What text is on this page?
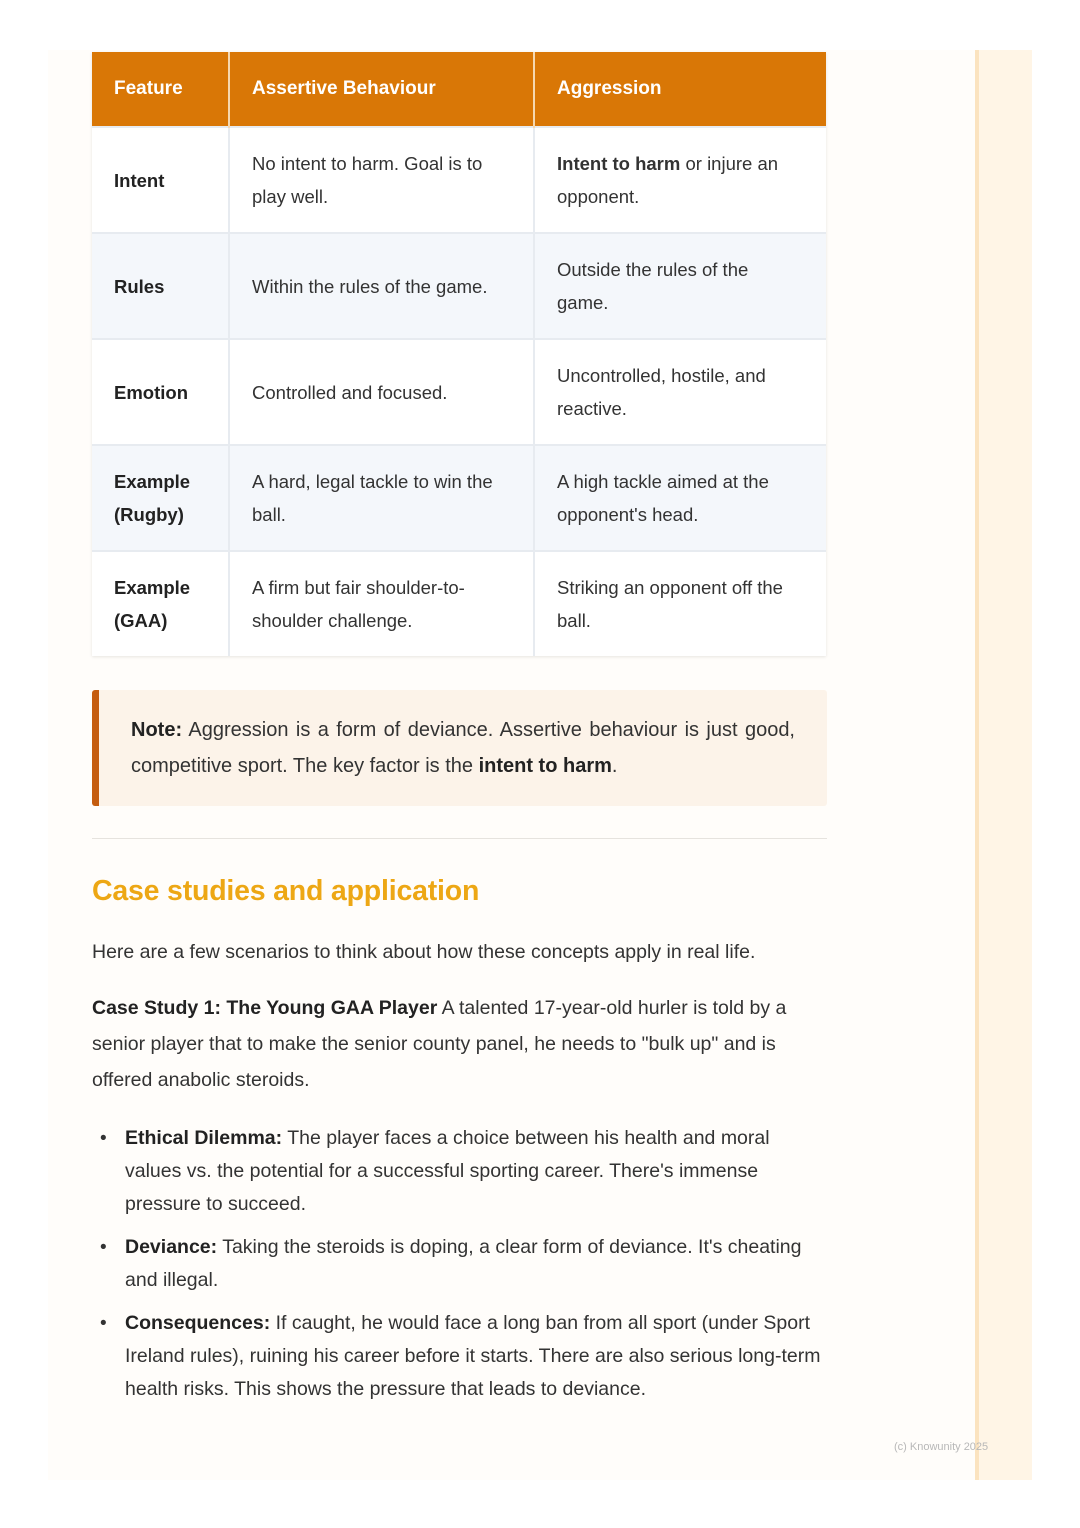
Feature	Assertive Behaviour	Aggression
Intent	No intent to harm. Goal is to play well.	Intent to harm or injure an opponent.
Rules	Within the rules of the game.	Outside the rules of the game.
Emotion	Controlled and focused.	Uncontrolled, hostile, and reactive.
Example (Rugby)	A hard, legal tackle to win the ball.	A high tackle aimed at the opponent's head.
Example (GAA)	A firm but fair shoulder-to-shoulder challenge.	Striking an opponent off the ball.
Note: Aggression is a form of deviance. Assertive behaviour is just good, competitive sport. The key factor is the intent to harm.
Case studies and application

Here are a few scenarios to think about how these concepts apply in real life.

Case Study 1: The Young GAA Player A talented 17-year-old hurler is told by a senior player that to make the senior county panel, he needs to "bulk up" and is offered anabolic steroids.

• Ethical Dilemma: The player faces a choice between his health and moral values vs. the potential for a successful sporting career. There's immense pressure to succeed.
• Deviance: Taking the steroids is doping, a clear form of deviance. It's cheating and illegal.
• Consequences: If caught, he would face a long ban from all sport (under Sport Ireland rules), ruining his career before it starts. There are also serious long-term health risks. This shows the pressure that leads to deviance.
(c) Knowunity 2025
